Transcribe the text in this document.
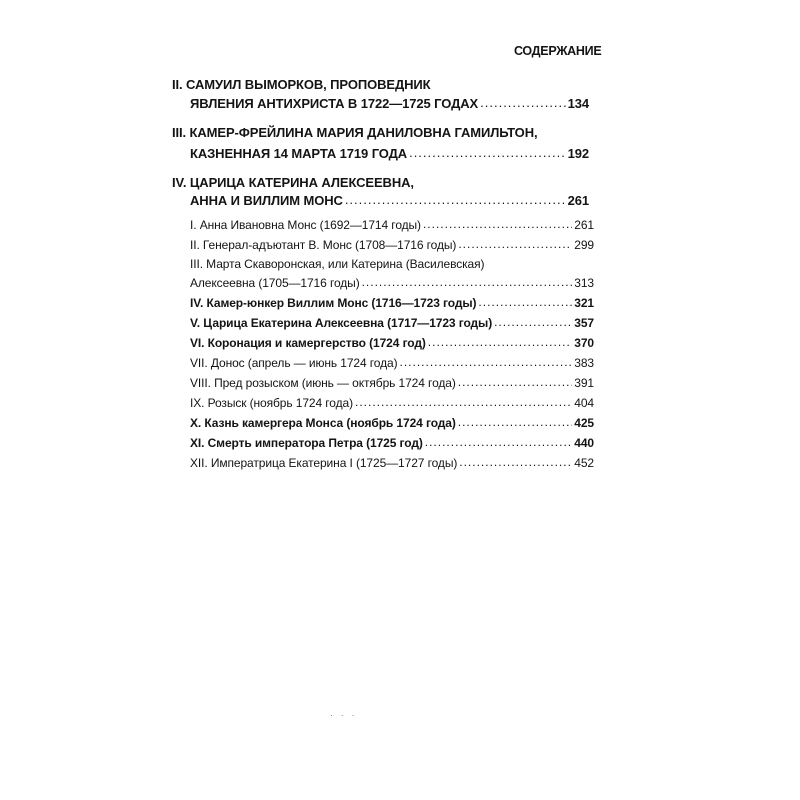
СОДЕРЖАНИЕ
II. САМУИЛ ВЫМОРКОВ, ПРОПОВЕДНИК
ЯВЛЕНИЯ АНТИХРИСТА В 1722—1725 ГОДАХ .....	134
III. КАМЕР-ФРЕЙЛИНА МАРИЯ ДАНИЛОВНА ГАМИЛЬТОН,
КАЗНЕННАЯ 14 МАРТА 1719 ГОДА .....	192
IV. ЦАРИЦА КАТЕРИНА АЛЕКСЕЕВНА,
АННА И ВИЛЛИМ МОНС .....	261
I. Анна Ивановна Монс (1692—1714 годы) .....	261
II. Генерал-адъютант В. Монс (1708—1716 годы) .....	299
III. Марта Скаворонская, или Катерина (Василевская)
Алексеевна (1705—1716 годы) .....	313
IV. Камер-юнкер Виллим Монс (1716—1723 годы) .....	321
V. Царица Екатерина Алексеевна (1717—1723 годы) .....	357
VI. Коронация и камергерство (1724 год) .....	370
VII. Донос (апрель — июнь 1724 года) .....	383
VIII. Пред розыском (июнь — октябрь 1724 года) .....	391
IX. Розыск (ноябрь 1724 года) .....	404
X. Казнь камергера Монса (ноябрь 1724 года) .....	425
XI. Смерть императора Петра (1725 год) .....	440
XII. Императрица Екатерина I (1725—1727 годы) .....	452
· · ·
